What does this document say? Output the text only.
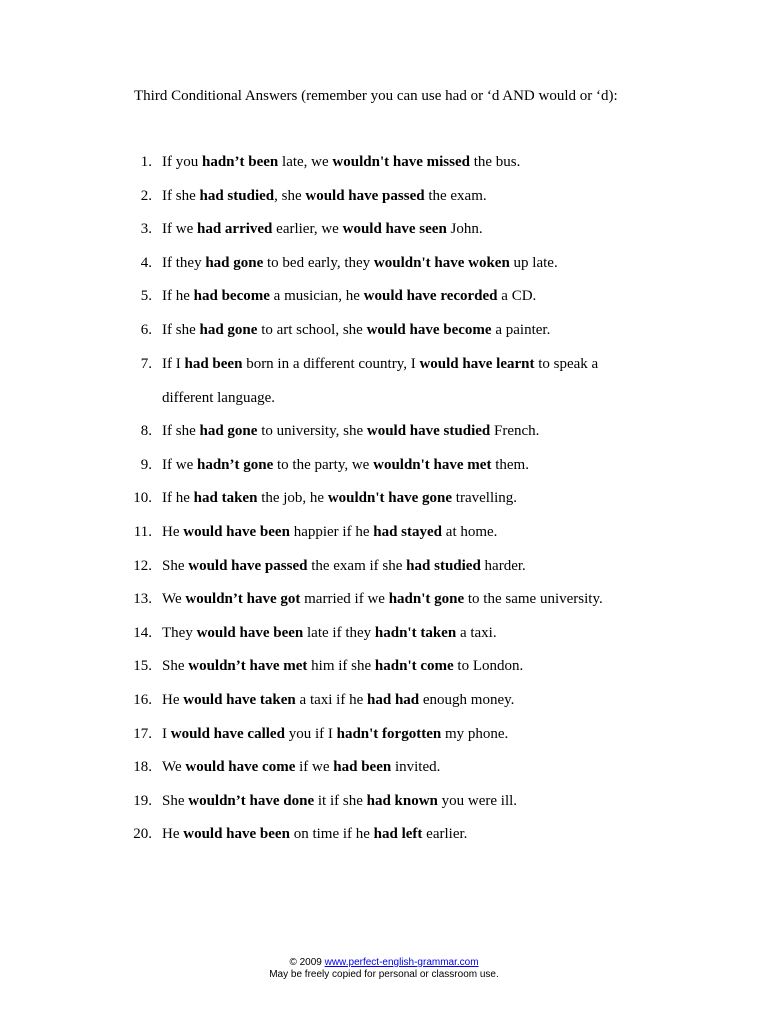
Third Conditional Answers (remember you can use had or ‘d AND would or ‘d):
1. If you hadn’t been late, we wouldn't have missed the bus.
2. If she had studied, she would have passed the exam.
3. If we had arrived earlier, we would have seen John.
4. If they had gone to bed early, they wouldn't have woken up late.
5. If he had become a musician, he would have recorded a CD.
6. If she had gone to art school, she would have become a painter.
7. If I had been born in a different country, I would have learnt to speak a different language.
8. If she had gone to university, she would have studied French.
9. If we hadn’t gone to the party, we wouldn't have met them.
10. If he had taken the job, he wouldn't have gone travelling.
11. He would have been happier if he had stayed at home.
12. She would have passed the exam if she had studied harder.
13. We wouldn’t have got married if we hadn't gone to the same university.
14. They would have been late if they hadn't taken a taxi.
15. She wouldn’t have met him if she hadn't come to London.
16. He would have taken a taxi if he had had enough money.
17. I would have called you if I hadn't forgotten my phone.
18. We would have come if we had been invited.
19. She wouldn’t have done it if she had known you were ill.
20. He would have been on time if he had left earlier.
© 2009 www.perfect-english-grammar.com
May be freely copied for personal or classroom use.
